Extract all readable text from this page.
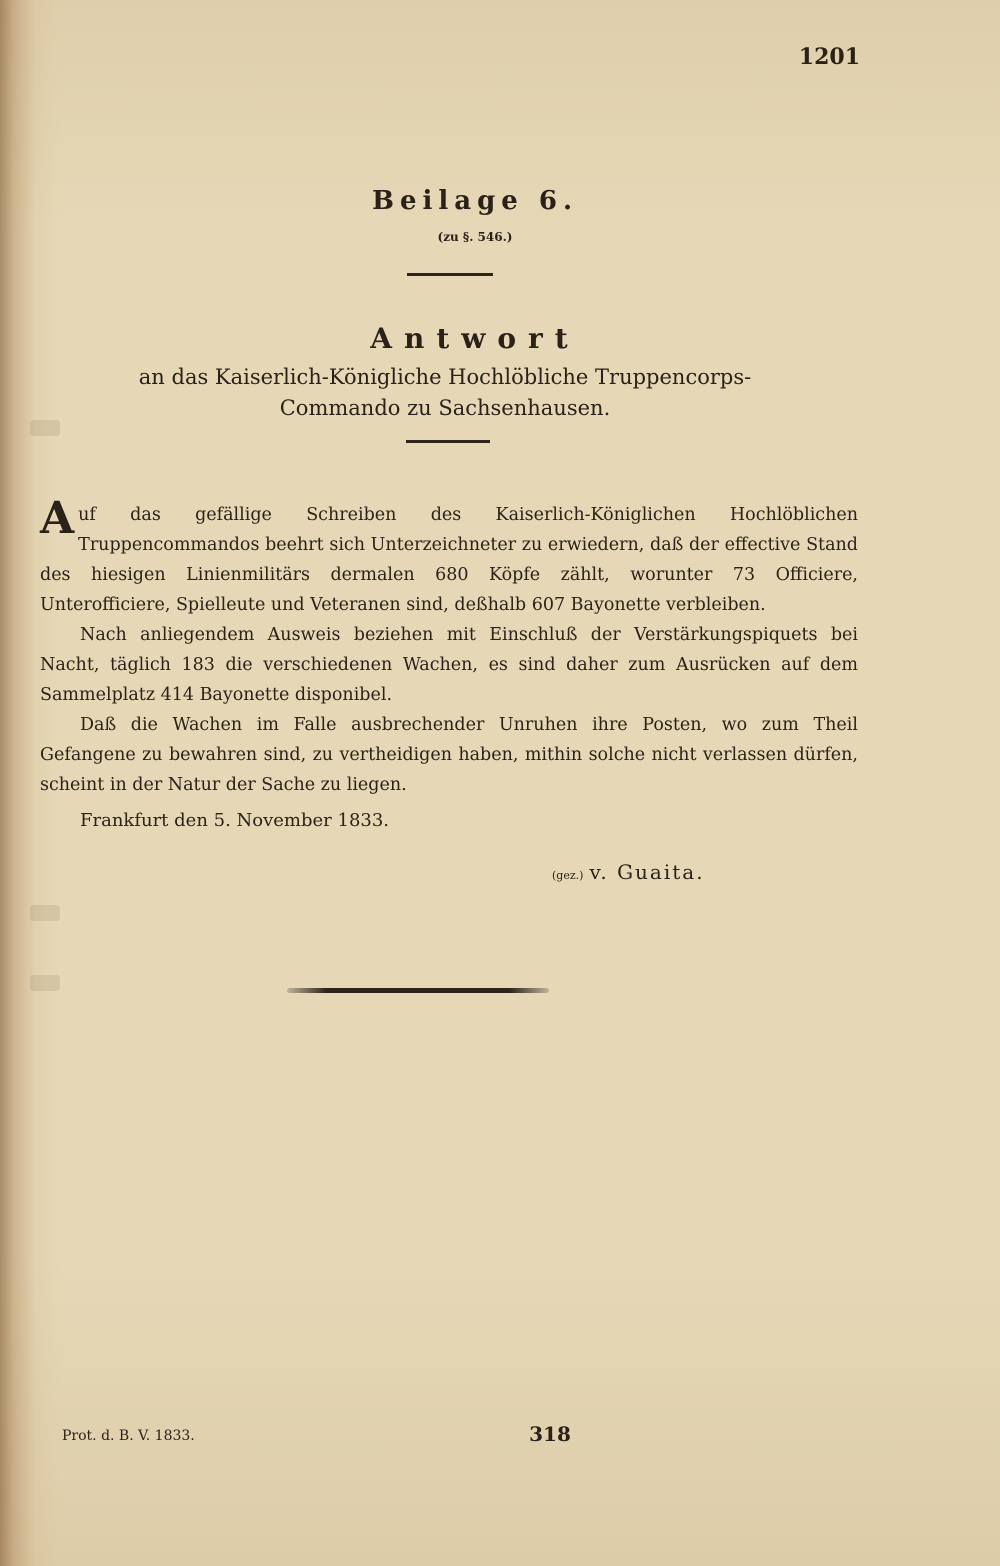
1201
Beilage 6.
(zu §. 546.)
Antwort
an das Kaiserlich-Königliche Hochlöbliche Truppencorps-Commando zu Sachsenhausen.

Auf das gefällige Schreiben des Kaiserlich-Königlichen Hochlöblichen Truppencommandos beehrt sich Unterzeichneter zu erwiedern, daß der effective Stand des hiesigen Linienmilitärs dermalen 680 Köpfe zählt, worunter 73 Officiere, Unterofficiere, Spielleute und Veteranen sind, deßhalb 607 Bayonette verbleiben.

Nach anliegendem Ausweis beziehen mit Einschluß der Verstärkungspiquets bei Nacht, täglich 183 die verschiedenen Wachen, es sind daher zum Ausrücken auf dem Sammelplatz 414 Bayonette disponibel.

Daß die Wachen im Falle ausbrechender Unruhen ihre Posten, wo zum Theil Gefangene zu bewahren sind, zu vertheidigen haben, mithin solche nicht verlassen dürfen, scheint in der Natur der Sache zu liegen.

Frankfurt den 5. November 1833.
(gez.) v. Guaita.
Prot. d. B. V. 1833.	318
